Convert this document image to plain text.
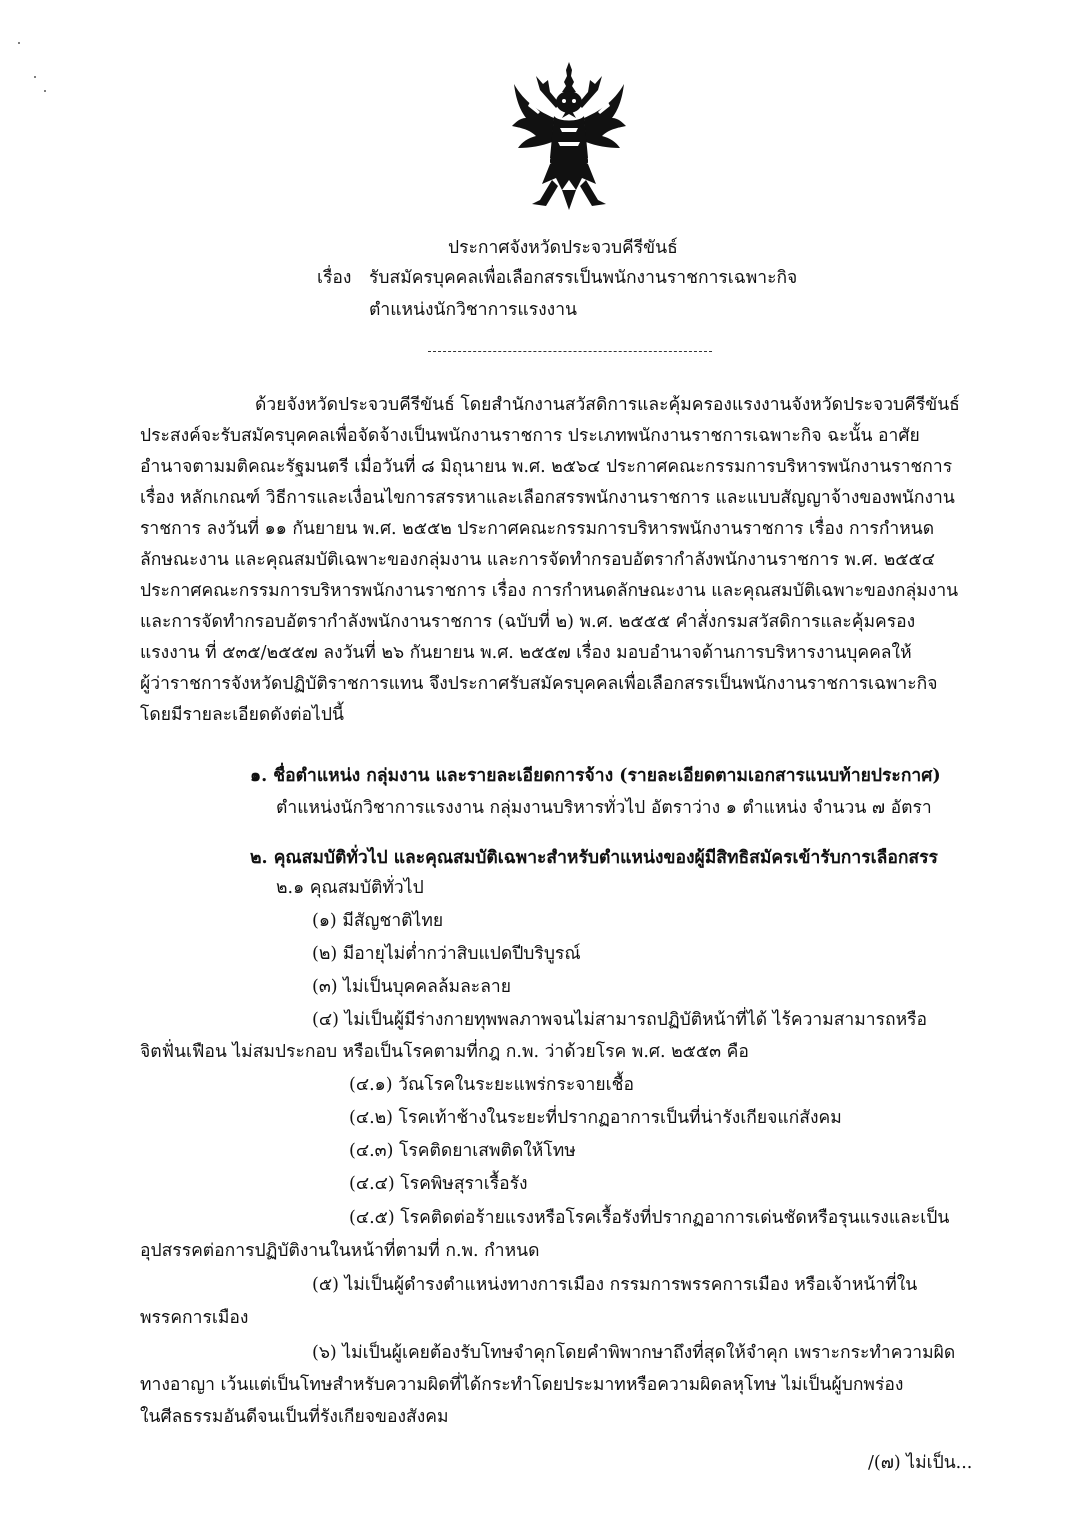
ประกาศจังหวัดประจวบคีรีขันธ์
เรื่อง รับสมัครบุคคลเพื่อเลือกสรรเป็นพนักงานราชการเฉพาะกิจ
ตำแหน่งนักวิชาการแรงงาน
ด้วยจังหวัดประจวบคีรีขันธ์ โดยสำนักงานสวัสดิการและคุ้มครองแรงงานจังหวัดประจวบคีรีขันธ์
ประสงค์จะรับสมัครบุคคลเพื่อจัดจ้างเป็นพนักงานราชการ ประเภทพนักงานราชการเฉพาะกิจ ฉะนั้น อาศัย
อำนาจตามมติคณะรัฐมนตรี เมื่อวันที่ ๘ มิถุนายน พ.ศ. ๒๕๖๔ ประกาศคณะกรรมการบริหารพนักงานราชการ
เรื่อง หลักเกณฑ์ วิธีการและเงื่อนไขการสรรหาและเลือกสรรพนักงานราชการ และแบบสัญญาจ้างของพนักงาน
ราชการ ลงวันที่ ๑๑ กันยายน พ.ศ. ๒๕๕๒ ประกาศคณะกรรมการบริหารพนักงานราชการ เรื่อง การกำหนด
ลักษณะงาน และคุณสมบัติเฉพาะของกลุ่มงาน และการจัดทำกรอบอัตรากำลังพนักงานราชการ พ.ศ. ๒๕๕๔
ประกาศคณะกรรมการบริหารพนักงานราชการ เรื่อง การกำหนดลักษณะงาน และคุณสมบัติเฉพาะของกลุ่มงาน
และการจัดทำกรอบอัตรากำลังพนักงานราชการ (ฉบับที่ ๒) พ.ศ. ๒๕๕๕ คำสั่งกรมสวัสดิการและคุ้มครอง
แรงงาน ที่ ๕๓๕/๒๕๕๗ ลงวันที่ ๒๖ กันยายน พ.ศ. ๒๕๕๗ เรื่อง มอบอำนาจด้านการบริหารงานบุคคลให้
ผู้ว่าราชการจังหวัดปฏิบัติราชการแทน จึงประกาศรับสมัครบุคคลเพื่อเลือกสรรเป็นพนักงานราชการเฉพาะกิจ
โดยมีรายละเอียดดังต่อไปนี้
๑. ชื่อตำแหน่ง กลุ่มงาน และรายละเอียดการจ้าง (รายละเอียดตามเอกสารแนบท้ายประกาศ)
ตำแหน่งนักวิชาการแรงงาน กลุ่มงานบริหารทั่วไป อัตราว่าง ๑ ตำแหน่ง จำนวน ๗ อัตรา
๒. คุณสมบัติทั่วไป และคุณสมบัติเฉพาะสำหรับตำแหน่งของผู้มีสิทธิสมัครเข้ารับการเลือกสรร
๒.๑ คุณสมบัติทั่วไป
(๑) มีสัญชาติไทย
(๒) มีอายุไม่ต่ำกว่าสิบแปดปีบริบูรณ์
(๓) ไม่เป็นบุคคลล้มละลาย
(๔) ไม่เป็นผู้มีร่างกายทุพพลภาพจนไม่สามารถปฏิบัติหน้าที่ได้ ไร้ความสามารถหรือ
จิตฟั่นเฟือน ไม่สมประกอบ หรือเป็นโรคตามที่กฎ ก.พ. ว่าด้วยโรค พ.ศ. ๒๕๕๓ คือ
(๔.๑) วัณโรคในระยะแพร่กระจายเชื้อ
(๔.๒) โรคเท้าช้างในระยะที่ปรากฏอาการเป็นที่น่ารังเกียจแก่สังคม
(๔.๓) โรคติดยาเสพติดให้โทษ
(๔.๔) โรคพิษสุราเรื้อรัง
(๔.๕) โรคติดต่อร้ายแรงหรือโรคเรื้อรังที่ปรากฏอาการเด่นชัดหรือรุนแรงและเป็น
อุปสรรคต่อการปฏิบัติงานในหน้าที่ตามที่ ก.พ. กำหนด
(๕) ไม่เป็นผู้ดำรงตำแหน่งทางการเมือง กรรมการพรรคการเมือง หรือเจ้าหน้าที่ใน
พรรคการเมือง
(๖) ไม่เป็นผู้เคยต้องรับโทษจำคุกโดยคำพิพากษาถึงที่สุดให้จำคุก เพราะกระทำความผิด
ทางอาญา เว้นแต่เป็นโทษสำหรับความผิดที่ได้กระทำโดยประมาทหรือความผิดลหุโทษ ไม่เป็นผู้บกพร่อง
ในศีลธรรมอันดีจนเป็นที่รังเกียจของสังคม
/(๗) ไม่เป็น...
